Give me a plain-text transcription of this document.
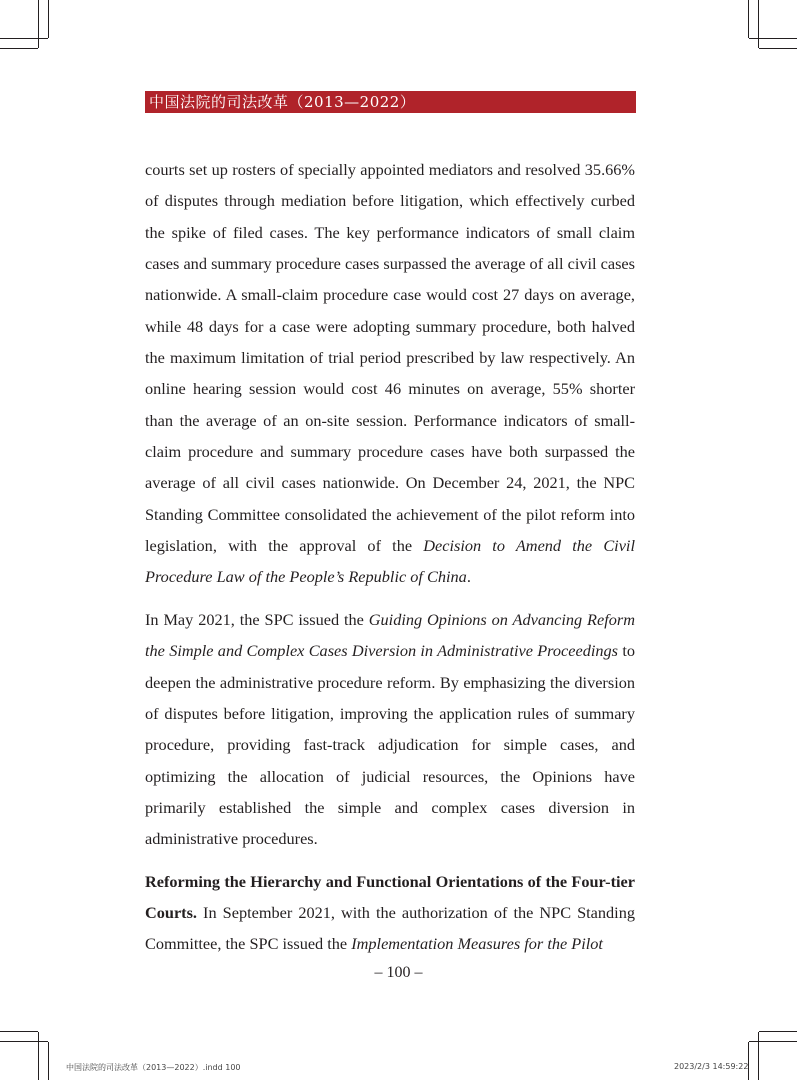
中国法院的司法改革（2013—2022）

courts set up rosters of specially appointed mediators and resolved 35.66% of disputes through mediation before litigation, which effectively curbed the spike of filed cases. The key performance indicators of small claim cases and summary procedure cases surpassed the average of all civil cases nationwide. A small-claim procedure case would cost 27 days on average, while 48 days for a case were adopting summary procedure, both halved the maximum limitation of trial period prescribed by law respectively. An online hearing session would cost 46 minutes on average, 55% shorter than the average of an on-site session. Performance indicators of small-claim procedure and summary procedure cases have both surpassed the average of all civil cases nationwide. On December 24, 2021, the NPC Standing Committee consolidated the achievement of the pilot reform into legislation, with the approval of the Decision to Amend the Civil Procedure Law of the People’s Republic of China.

In May 2021, the SPC issued the Guiding Opinions on Advancing Reform the Simple and Complex Cases Diversion in Administrative Proceedings to deepen the administrative procedure reform. By emphasizing the diversion of disputes before litigation, improving the application rules of summary procedure, providing fast-track adjudication for simple cases, and optimizing the allocation of judicial resources, the Opinions have primarily established the simple and complex cases diversion in administrative procedures.

Reforming the Hierarchy and Functional Orientations of the Four-tier Courts. In September 2021, with the authorization of the NPC Standing Committee, the SPC issued the Implementation Measures for the Pilot

– 100 –
中国法院的司法改革（2013—2022）.indd 100	2023/2/3 14:59:22
